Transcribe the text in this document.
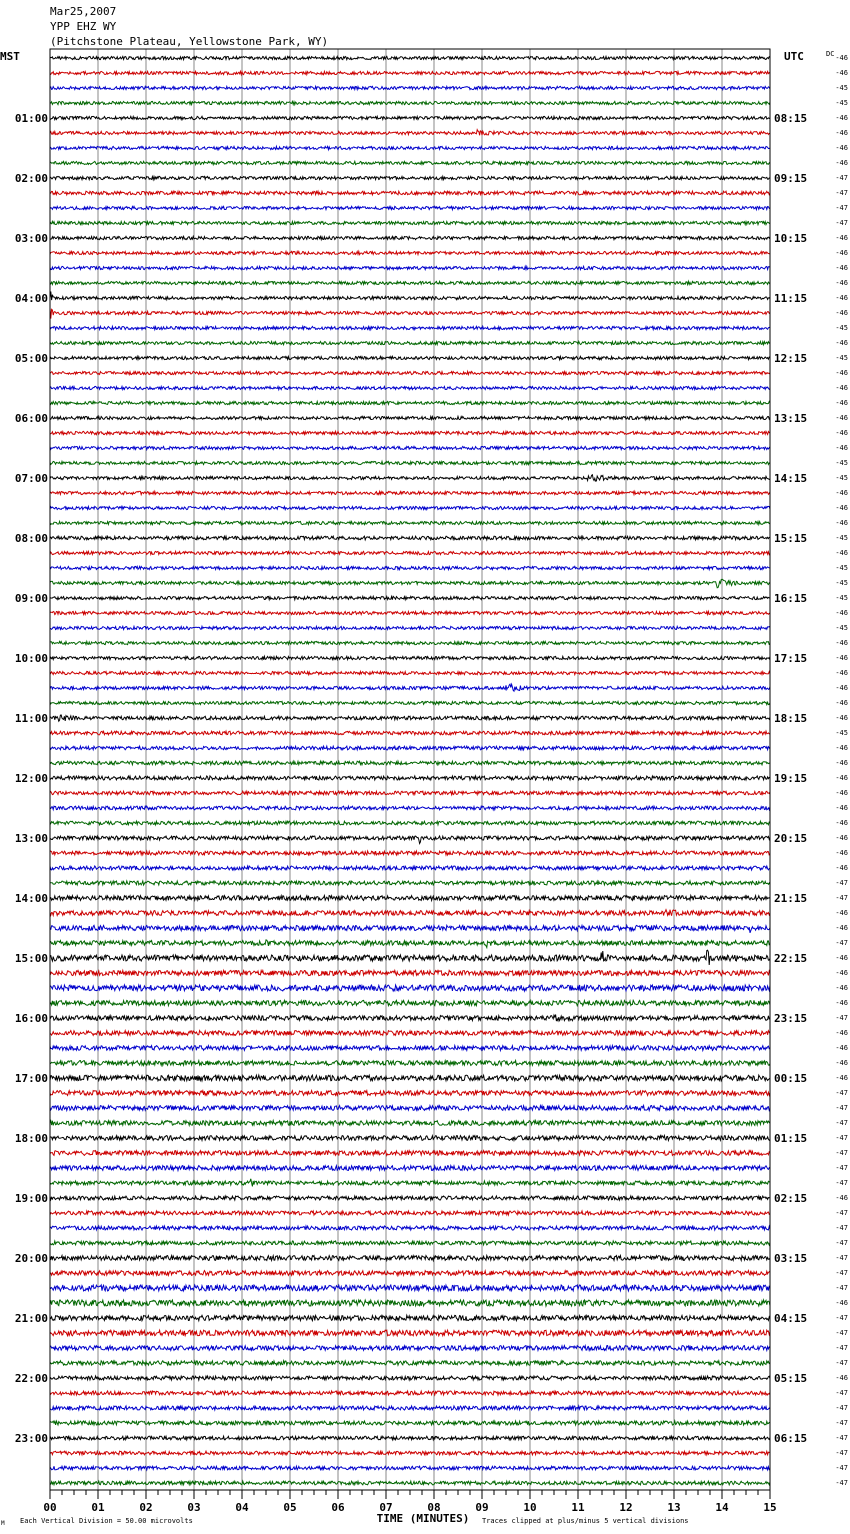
Mar25,2007
YPP EHZ WY
(Pitchstone Plateau, Yellowstone Park, WY)
00	01	02	03	04	05	06	07	08	09	10	11	12	13	14	15
01:00	08:15
02:00	09:15
03:00	10:15
04:00	11:15
05:00	12:15
06:00	13:15
07:00	14:15
08:00	15:15
09:00	16:15
10:00	17:15
11:00	18:15
12:00	19:15
13:00	20:15
14:00	21:15
15:00	22:15
16:00	23:15
17:00	00:15
18:00	01:15
19:00	02:15
20:00	03:15
21:00	04:15
22:00	05:15
23:00	06:15
-46
-46
-45
-45
-46
-46
-46
-46
-47
-47
-47
-47
-46
-46
-46
-46
-46
-46
-45
-46
-45
-46
-46
-46
-46
-46
-46
-45
-45
-46
-46
-46
-45
-46
-45
-45
-45
-46
-45
-46
-46
-46
-46
-46
-46
-45
-46
-46
-46
-46
-46
-46
-46
-46
-46
-47
-47
-46
-46
-47
-46
-46
-46
-46
-47
-46
-46
-46
-46
-47
-47
-47
-47
-47
-47
-47
-46
-47
-47
-47
-47
-47
-47
-46
-47
-47
-47
-47
-46
-47
-47
-47
-47
-47
-47
-47
MST	UTC	DC
TIME (MINUTES)
Each Vertical Division = 50.00 microvolts	Traces clipped at plus/minus 5 vertical divisions
M
